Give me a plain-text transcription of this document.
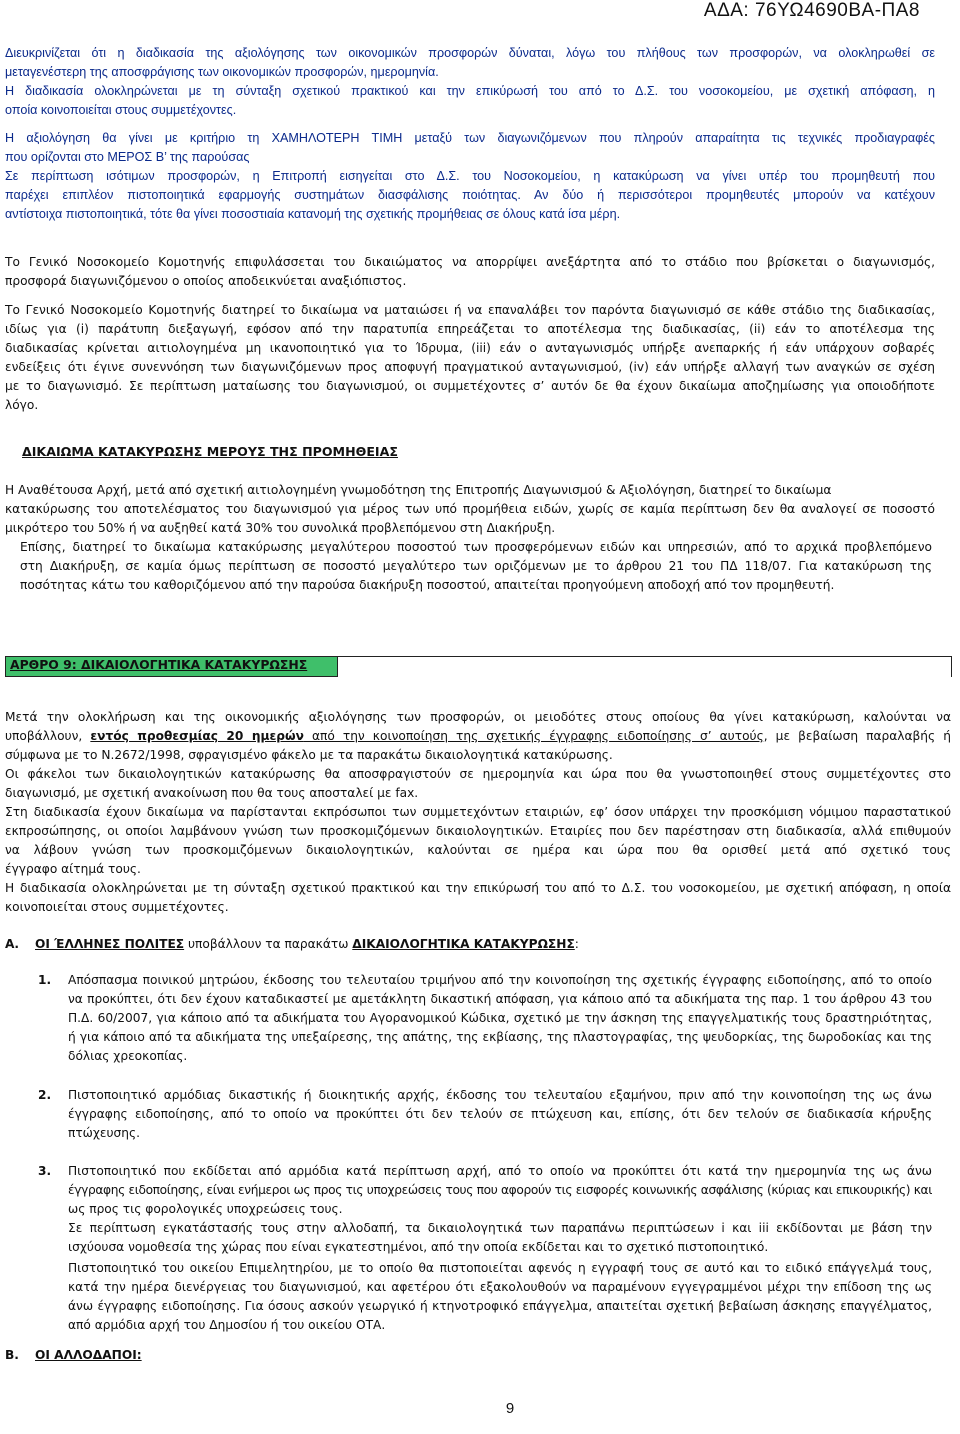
ΑΔΑ: 76ΥΩ4690ΒΑ-ΠΑ8
Διευκρινίζεται ότι η διαδικασία της αξιολόγησης των οικονομικών προσφορών δύναται, λόγω του πλήθους των προσφορών, να ολοκληρωθεί σε
μεταγενέστερη της αποσφράγισης των οικονομικών προσφορών, ημερομηνία.
Η διαδικασία ολοκληρώνεται με τη σύνταξη σχετικού πρακτικού και την επικύρωσή του από το Δ.Σ. του νοσοκομείου, με σχετική απόφαση, η
οποία κοινοποιείται στους συμμετέχοντες.
Η αξιολόγηση θα γίνει με κριτήριο τη ΧΑΜΗΛΟΤΕΡΗ ΤΙΜΗ μεταξύ των διαγωνιζόμενων που πληρούν απαραίτητα τις τεχνικές προδιαγραφές
που ορίζονται στο ΜΕΡΟΣ Β’ της παρούσας
Σε περίπτωση ισότιμων προσφορών, η Επιτροπή εισηγείται στο Δ.Σ. του Νοσοκομείου, η κατακύρωση να γίνει υπέρ του προμηθευτή που
παρέχει επιπλέον πιστοποιητικά εφαρμογής συστημάτων διασφάλισης ποιότητας. Αν δύο ή περισσότεροι προμηθευτές μπορούν να κατέχουν
αντίστοιχα πιστοποιητικά, τότε θα γίνει ποσοστιαία κατανομή της σχετικής προμήθειας σε όλους κατά ίσα μέρη.
Το Γενικό Νοσοκομείο Κομοτηνής επιφυλάσσεται του δικαιώματος να απορρίψει ανεξάρτητα από το στάδιο που βρίσκεται ο διαγωνισμός,
προσφορά διαγωνιζόμενου ο οποίος αποδεικνύεται αναξιόπιστος.
Το Γενικό Νοσοκομείο Κομοτηνής διατηρεί το δικαίωμα να ματαιώσει ή να επαναλάβει τον παρόντα διαγωνισμό σε κάθε στάδιο της διαδικασίας,
ιδίως για (i) παράτυπη διεξαγωγή, εφόσον από την παρατυπία επηρεάζεται το αποτέλεσμα της διαδικασίας, (ii) εάν το αποτέλεσμα της
διαδικασίας κρίνεται αιτιολογημένα μη ικανοποιητικό για το Ίδρυμα, (iii) εάν ο ανταγωνισμός υπήρξε ανεπαρκής ή εάν υπάρχουν σοβαρές
ενδείξεις ότι έγινε συνεννόηση των διαγωνιζόμενων προς αποφυγή πραγματικού ανταγωνισμού, (iv) εάν υπήρξε αλλαγή των αναγκών σε σχέση
με το διαγωνισμό. Σε περίπτωση ματαίωσης του διαγωνισμού, οι συμμετέχοντες σ’ αυτόν δε θα έχουν δικαίωμα αποζημίωσης για οποιοδήποτε
λόγο.
ΔΙΚΑΙΩΜΑ ΚΑΤΑΚΥΡΩΣΗΣ ΜΕΡΟΥΣ ΤΗΣ ΠΡΟΜΗΘΕΙΑΣ
Η Αναθέτουσα Αρχή, μετά από σχετική αιτιολογημένη γνωμοδότηση της Επιτροπής Διαγωνισμού & Αξιολόγηση, διατηρεί το δικαίωμα
κατακύρωσης του αποτελέσματος του διαγωνισμού για μέρος των υπό προμήθεια ειδών, χωρίς σε καμία περίπτωση δεν θα αναλογεί σε ποσοστό
μικρότερο του 50% ή να αυξηθεί κατά 30% του συνολικά προβλεπόμενου στη Διακήρυξη.
Επίσης, διατηρεί το δικαίωμα κατακύρωσης μεγαλύτερου ποσοστού των προσφερόμενων ειδών και υπηρεσιών, από το αρχικά προβλεπόμενο
στη Διακήρυξη, σε καμία όμως περίπτωση σε ποσοστό μεγαλύτερο των οριζόμενων με το άρθρου 21 του ΠΔ 118/07. Για κατακύρωση της
ποσότητας κάτω του καθοριζόμενου από την παρούσα διακήρυξη ποσοστού, απαιτείται προηγούμενη αποδοχή από τον προμηθευτή.
ΑΡΘΡΟ 9: ΔΙΚΑΙΟΛΟΓΗΤΙΚΑ ΚΑΤΑΚΥΡΩΣΗΣ
Μετά την ολοκλήρωση και της οικονομικής αξιολόγησης των προσφορών, οι μειοδότες στους οποίους θα γίνει κατακύρωση, καλούνται να
υποβάλλουν, εντός προθεσμίας 20 ημερών από την κοινοποίηση της σχετικής έγγραφης ειδοποίησης σ’ αυτούς, με βεβαίωση παραλαβής ή
σύμφωνα με το Ν.2672/1998, σφραγισμένο φάκελο με τα παρακάτω δικαιολογητικά κατακύρωσης.
Οι φάκελοι των δικαιολογητικών κατακύρωσης θα αποσφραγιστούν σε ημερομηνία και ώρα που θα γνωστοποιηθεί στους συμμετέχοντες στο
διαγωνισμό, με σχετική ανακοίνωση που θα τους αποσταλεί με fax.
Στη διαδικασία έχουν δικαίωμα να παρίστανται εκπρόσωποι των συμμετεχόντων εταιριών, εφ’ όσον υπάρχει την προσκόμιση νόμιμου παραστατικού
εκπροσώπησης, οι οποίοι λαμβάνουν γνώση των προσκομιζόμενων δικαιολογητικών. Εταιρίες που δεν παρέστησαν στη διαδικασία, αλλά επιθυμούν
να λάβουν γνώση των προσκομιζόμενων δικαιολογητικών, καλούνται σε ημέρα και ώρα που θα ορισθεί μετά από σχετικό τους
έγγραφο αίτημά τους.
Η διαδικασία ολοκληρώνεται με τη σύνταξη σχετικού πρακτικού και την επικύρωσή του από το Δ.Σ. του νοσοκομείου, με σχετική απόφαση, η οποία
κοινοποιείται στους συμμετέχοντες.
Α. ΟΙ ΈΛΛΗΝΕΣ ΠΟΛΙΤΕΣ υποβάλλουν τα παρακάτω ΔΙΚΑΙΟΛΟΓΗΤΙΚΑ ΚΑΤΑΚΥΡΩΣΗΣ:
1. Απόσπασμα ποινικού μητρώου, έκδοσης του τελευταίου τριμήνου από την κοινοποίηση της σχετικής έγγραφης ειδοποίησης, από το οποίο
να προκύπτει, ότι δεν έχουν καταδικαστεί με αμετάκλητη δικαστική απόφαση, για κάποιο από τα αδικήματα της παρ. 1 του άρθρου 43 του
Π.Δ. 60/2007, για κάποιο από τα αδικήματα του Αγορανομικού Κώδικα, σχετικό με την άσκηση της επαγγελματικής τους δραστηριότητας,
ή για κάποιο από τα αδικήματα της υπεξαίρεσης, της απάτης, της εκβίασης, της πλαστογραφίας, της ψευδορκίας, της δωροδοκίας και της
δόλιας χρεοκοπίας.
2. Πιστοποιητικό αρμόδιας δικαστικής ή διοικητικής αρχής, έκδοσης του τελευταίου εξαμήνου, πριν από την κοινοποίηση της ως άνω
έγγραφης ειδοποίησης, από το οποίο να προκύπτει ότι δεν τελούν σε πτώχευση και, επίσης, ότι δεν τελούν σε διαδικασία κήρυξης
πτώχευσης.
3. Πιστοποιητικό που εκδίδεται από αρμόδια κατά περίπτωση αρχή, από το οποίο να προκύπτει ότι κατά την ημερομηνία της ως άνω
έγγραφης ειδοποίησης, είναι ενήμεροι ως προς τις υποχρεώσεις τους που αφορούν τις εισφορές κοινωνικής ασφάλισης (κύριας και επικουρικής) και
ως προς τις φορολογικές υποχρεώσεις τους.
Σε περίπτωση εγκατάστασής τους στην αλλοδαπή, τα δικαιολογητικά των παραπάνω περιπτώσεων i και iii εκδίδονται με βάση την
ισχύουσα νομοθεσία της χώρας που είναι εγκατεστημένοι, από την οποία εκδίδεται και το σχετικό πιστοποιητικό.
Πιστοποιητικό του οικείου Επιμελητηρίου, με το οποίο θα πιστοποιείται αφενός η εγγραφή τους σε αυτό και το ειδικό επάγγελμά τους,
κατά την ημέρα διενέργειας του διαγωνισμού, και αφετέρου ότι εξακολουθούν να παραμένουν εγγεγραμμένοι μέχρι την επίδοση της ως
άνω έγγραφης ειδοποίησης. Για όσους ασκούν γεωργικό ή κτηνοτροφικό επάγγελμα, απαιτείται σχετική βεβαίωση άσκησης επαγγέλματος,
από αρμόδια αρχή του Δημοσίου ή του οικείου ΟΤΑ.
Β. ΟΙ ΑΛΛΟΔΑΠΟΙ:
9
